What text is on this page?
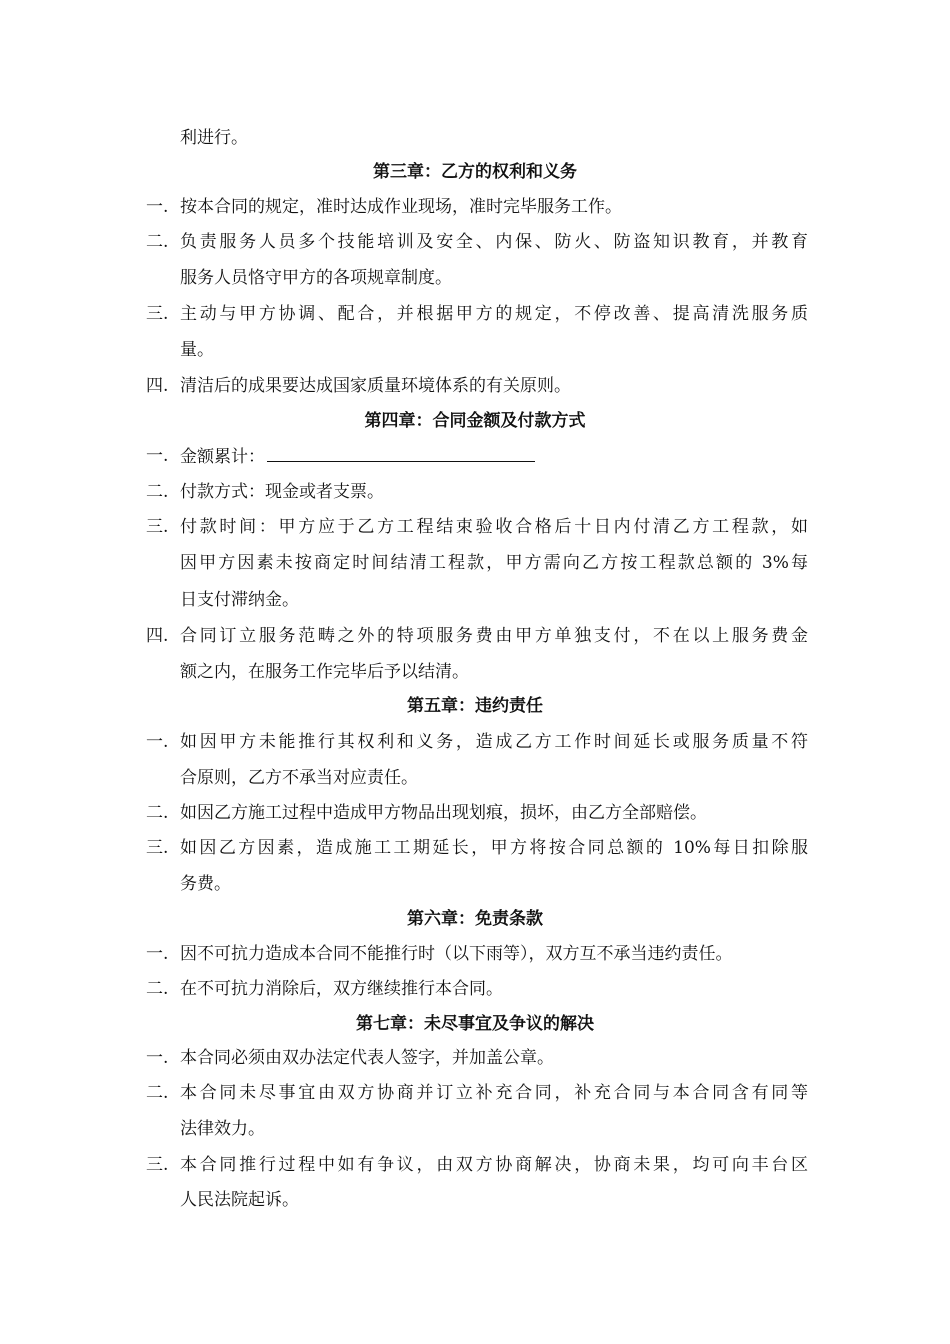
利进行。
第三章：乙方的权利和义务
一. 按本合同的规定，准时达成作业现场，准时完毕服务工作。
二. 负责服务人员多个技能培训及安全、内保、防火、防盗知识教育，并教育
服务人员恪守甲方的各项规章制度。
三. 主动与甲方协调、配合，并根据甲方的规定，不停改善、提高清洗服务质
量。
四. 清洁后的成果要达成国家质量环境体系的有关原则。
第四章：合同金额及付款方式
一. 金额累计：
二. 付款方式：现金或者支票。
三. 付款时间：甲方应于乙方工程结束验收合格后十日内付清乙方工程款，如
因甲方因素未按商定时间结清工程款，甲方需向乙方按工程款总额的 3%每
日支付滞纳金。
四. 合同订立服务范畴之外的特项服务费由甲方单独支付，不在以上服务费金
额之内，在服务工作完毕后予以结清。
第五章：违约责任
一. 如因甲方未能推行其权利和义务，造成乙方工作时间延长或服务质量不符
合原则，乙方不承当对应责任。
二. 如因乙方施工过程中造成甲方物品出现划痕，损坏，由乙方全部赔偿。
三. 如因乙方因素，造成施工工期延长，甲方将按合同总额的 10%每日扣除服
务费。
第六章：免责条款
一. 因不可抗力造成本合同不能推行时（以下雨等），双方互不承当违约责任。
二. 在不可抗力消除后，双方继续推行本合同。
第七章：未尽事宜及争议的解决
一. 本合同必须由双办法定代表人签字，并加盖公章。
二. 本合同未尽事宜由双方协商并订立补充合同，补充合同与本合同含有同等
法律效力。
三. 本合同推行过程中如有争议，由双方协商解决，协商未果，均可向丰台区
人民法院起诉。
